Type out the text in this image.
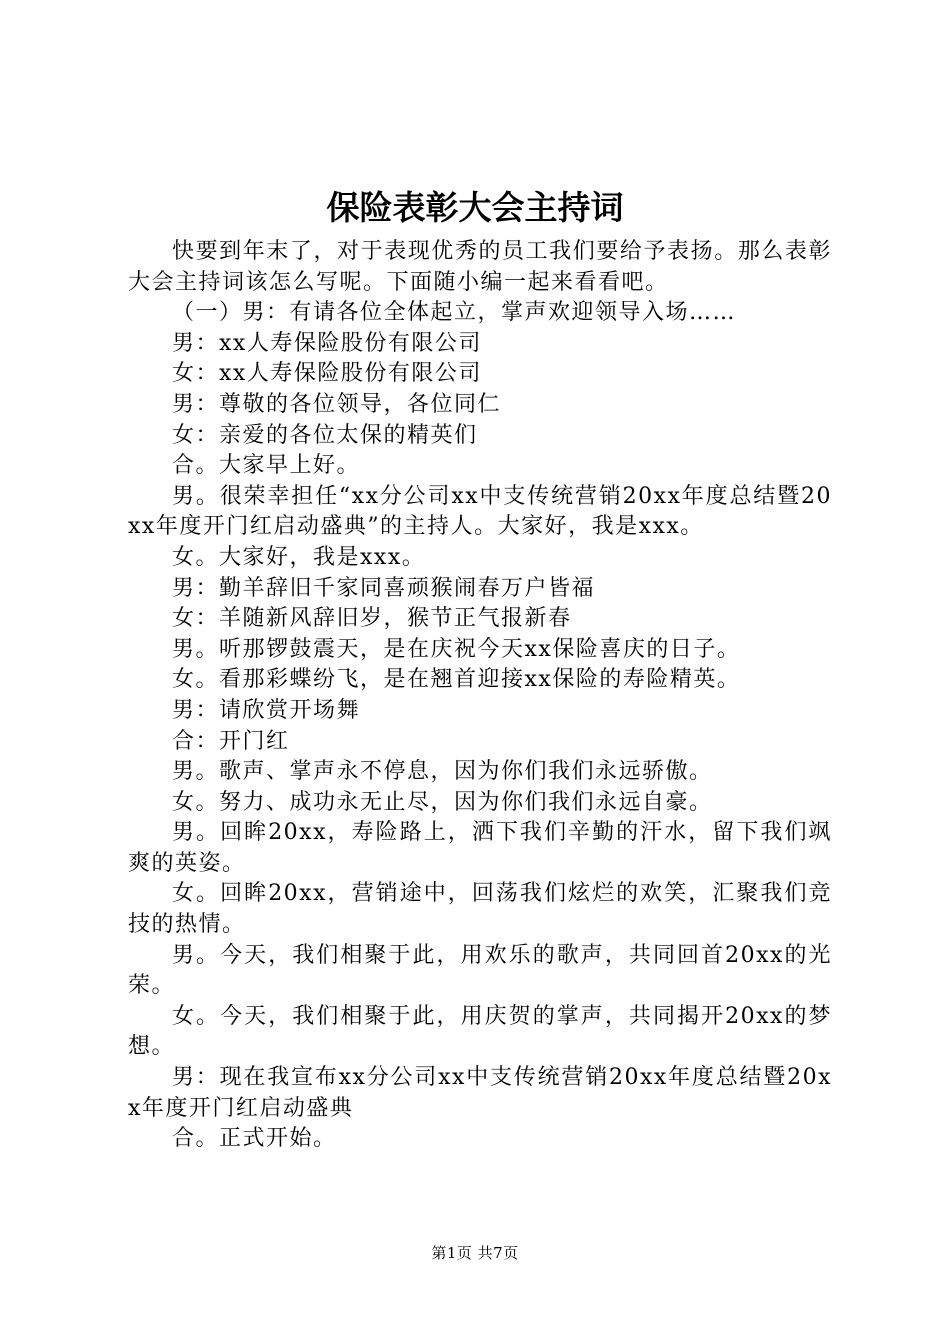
保险表彰大会主持词

快要到年末了，对于表现优秀的员工我们要给予表扬。那么表彰大会主持词该怎么写呢。下面随小编一起来看看吧。

（一）男：有请各位全体起立，掌声欢迎领导入场……

男：xx人寿保险股份有限公司

女：xx人寿保险股份有限公司

男：尊敬的各位领导，各位同仁

女：亲爱的各位太保的精英们

合。大家早上好。

男。很荣幸担任“xx分公司xx中支传统营销20xx年度总结暨20xx年度开门红启动盛典”的主持人。大家好，我是xxx。

女。大家好，我是xxx。

男：勤羊辞旧千家同喜顽猴闹春万户皆福

女：羊随新风辞旧岁，猴节正气报新春

男。听那锣鼓震天，是在庆祝今天xx保险喜庆的日子。

女。看那彩蝶纷飞，是在翘首迎接xx保险的寿险精英。

男：请欣赏开场舞

合：开门红

男。歌声、掌声永不停息，因为你们我们永远骄傲。

女。努力、成功永无止尽，因为你们我们永远自豪。

男。回眸20xx，寿险路上，洒下我们辛勤的汗水，留下我们飒爽的英姿。

女。回眸20xx，营销途中，回荡我们炫烂的欢笑，汇聚我们竞技的热情。

男。今天，我们相聚于此，用欢乐的歌声，共同回首20xx的光荣。

女。今天，我们相聚于此，用庆贺的掌声，共同揭开20xx的梦想。

男：现在我宣布xx分公司xx中支传统营销20xx年度总结暨20xx年度开门红启动盛典

合。正式开始。

第1页 共7页
